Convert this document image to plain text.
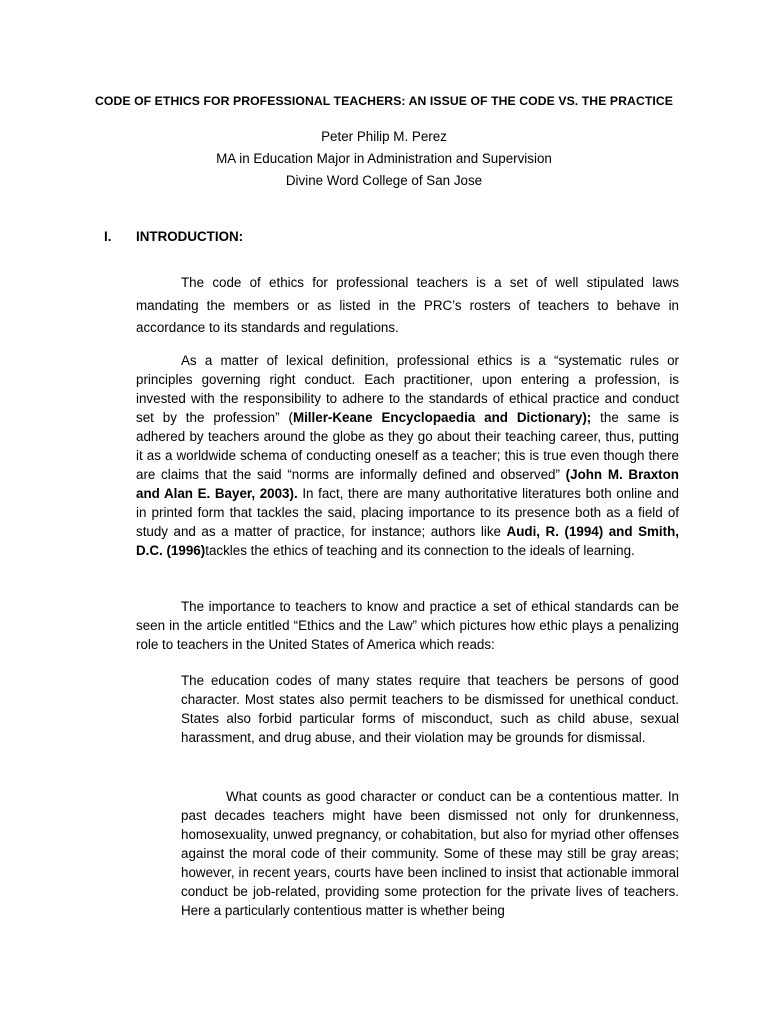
CODE OF ETHICS FOR PROFESSIONAL TEACHERS: AN ISSUE OF THE CODE VS. THE PRACTICE
Peter Philip M. Perez
MA in Education Major in Administration and Supervision
Divine Word College of San Jose
I. INTRODUCTION:

The code of ethics for professional teachers is a set of well stipulated laws mandating the members or as listed in the PRC’s rosters of teachers to behave in accordance to its standards and regulations.

As a matter of lexical definition, professional ethics is a “systematic rules or principles governing right conduct. Each practitioner, upon entering a profession, is invested with the responsibility to adhere to the standards of ethical practice and conduct set by the profession” (Miller-Keane Encyclopaedia and Dictionary); the same is adhered by teachers around the globe as they go about their teaching career, thus, putting it as a worldwide schema of conducting oneself as a teacher; this is true even though there are claims that the said “norms are informally defined and observed” (John M. Braxton and Alan E. Bayer, 2003). In fact, there are many authoritative literatures both online and in printed form that tackles the said, placing importance to its presence both as a field of study and as a matter of practice, for instance; authors like Audi, R. (1994) and Smith, D.C. (1996)tackles the ethics of teaching and its connection to the ideals of learning.

The importance to teachers to know and practice a set of ethical standards can be seen in the article entitled “Ethics and the Law” which pictures how ethic plays a penalizing role to teachers in the United States of America which reads:

The education codes of many states require that teachers be persons of good character. Most states also permit teachers to be dismissed for unethical conduct. States also forbid particular forms of misconduct, such as child abuse, sexual harassment, and drug abuse, and their violation may be grounds for dismissal.

What counts as good character or conduct can be a contentious matter. In past decades teachers might have been dismissed not only for drunkenness, homosexuality, unwed pregnancy, or cohabitation, but also for myriad other offenses against the moral code of their community. Some of these may still be gray areas; however, in recent years, courts have been inclined to insist that actionable immoral conduct be job-related, providing some protection for the private lives of teachers. Here a particularly contentious matter is whether being
